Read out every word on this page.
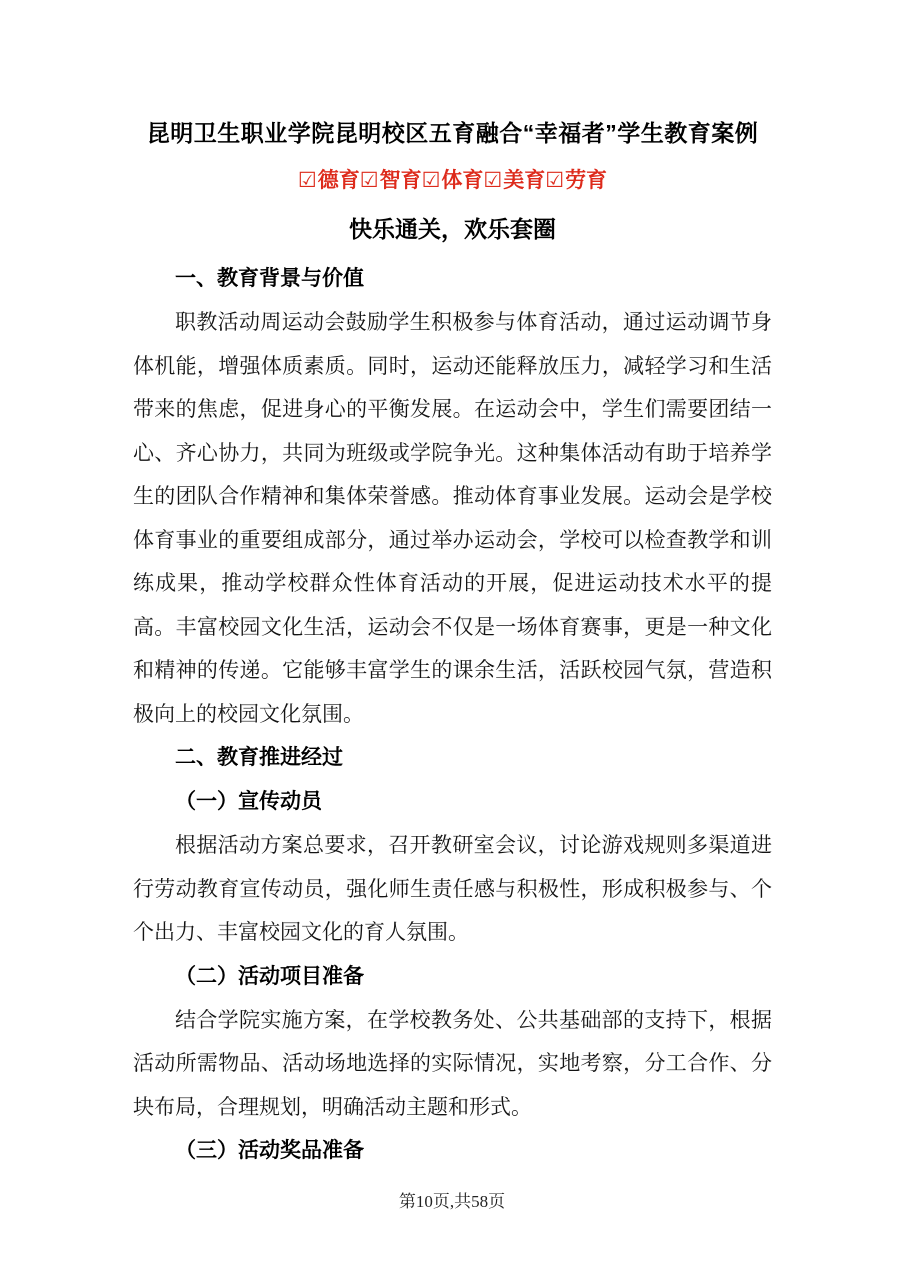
昆明卫生职业学院昆明校区五育融合“幸福者”学生教育案例
☑德育☑智育☑体育☑美育☑劳育
快乐通关，欢乐套圈
一、教育背景与价值

职教活动周运动会鼓励学生积极参与体育活动，通过运动调节身体机能，增强体质素质。同时，运动还能释放压力，减轻学习和生活带来的焦虑，促进身心的平衡发展。在运动会中，学生们需要团结一心、齐心协力，共同为班级或学院争光。这种集体活动有助于培养学生的团队合作精神和集体荣誉感。推动体育事业发展。运动会是学校体育事业的重要组成部分，通过举办运动会，学校可以检查教学和训练成果，推动学校群众性体育活动的开展，促进运动技术水平的提高。丰富校园文化生活，运动会不仅是一场体育赛事，更是一种文化和精神的传递。它能够丰富学生的课余生活，活跃校园气氛，营造积极向上的校园文化氛围。

二、教育推进经过
（一）宣传动员

根据活动方案总要求，召开教研室会议，讨论游戏规则多渠道进行劳动教育宣传动员，强化师生责任感与积极性，形成积极参与、个个出力、丰富校园文化的育人氛围。

（二）活动项目准备

结合学院实施方案，在学校教务处、公共基础部的支持下，根据活动所需物品、活动场地选择的实际情况，实地考察，分工合作、分块布局，合理规划，明确活动主题和形式。

（三）活动奖品准备
第10页,共58页
